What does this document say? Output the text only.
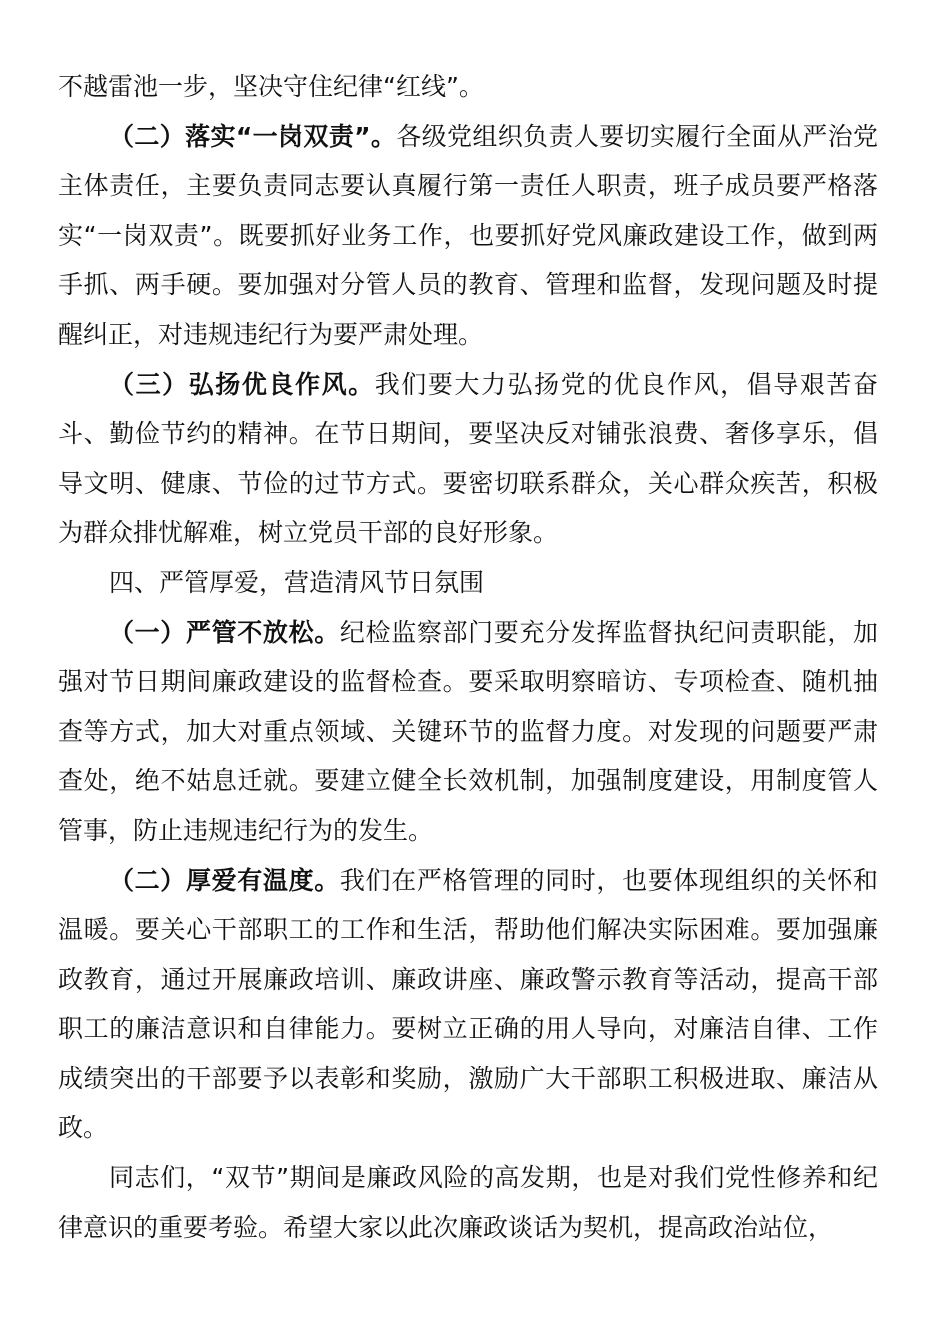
不越雷池一步，坚决守住纪律“红线”。

（二）落实“一岗双责”。各级党组织负责人要切实履行全面从严治党主体责任，主要负责同志要认真履行第一责任人职责，班子成员要严格落实“一岗双责”。既要抓好业务工作，也要抓好党风廉政建设工作，做到两手抓、两手硬。要加强对分管人员的教育、管理和监督，发现问题及时提醒纠正，对违规违纪行为要严肃处理。

（三）弘扬优良作风。我们要大力弘扬党的优良作风，倡导艰苦奋斗、勤俭节约的精神。在节日期间，要坚决反对铺张浪费、奢侈享乐，倡导文明、健康、节俭的过节方式。要密切联系群众，关心群众疾苦，积极为群众排忧解难，树立党员干部的良好形象。

四、严管厚爱，营造清风节日氛围

（一）严管不放松。纪检监察部门要充分发挥监督执纪问责职能，加强对节日期间廉政建设的监督检查。要采取明察暗访、专项检查、随机抽查等方式，加大对重点领域、关键环节的监督力度。对发现的问题要严肃查处，绝不姑息迁就。要建立健全长效机制，加强制度建设，用制度管人管事，防止违规违纪行为的发生。

（二）厚爱有温度。我们在严格管理的同时，也要体现组织的关怀和温暖。要关心干部职工的工作和生活，帮助他们解决实际困难。要加强廉政教育，通过开展廉政培训、廉政讲座、廉政警示教育等活动，提高干部职工的廉洁意识和自律能力。要树立正确的用人导向，对廉洁自律、工作成绩突出的干部要予以表彰和奖励，激励广大干部职工积极进取、廉洁从政。

同志们，“双节”期间是廉政风险的高发期，也是对我们党性修养和纪律意识的重要考验。希望大家以此次廉政谈话为契机，提高政治站位，
